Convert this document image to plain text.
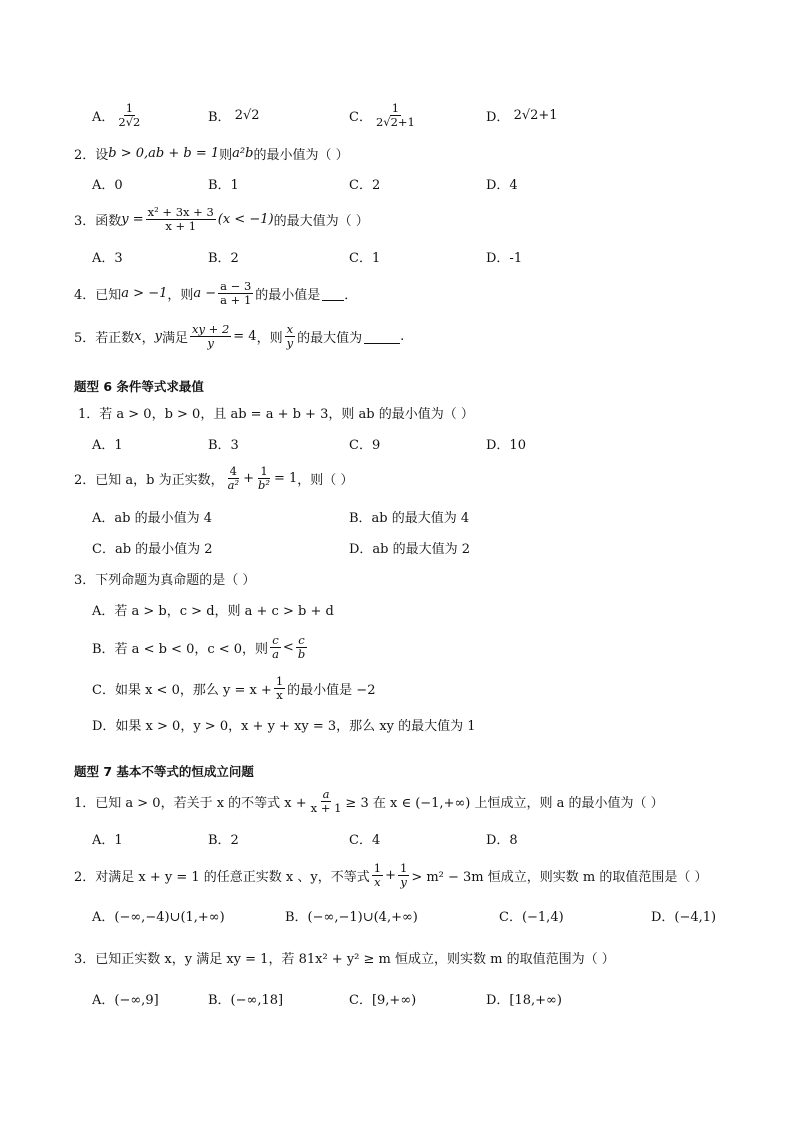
A． $\frac{1}{2√2}$	B．
2√2	C． $\frac{1}{2√2+1}$	D．
2√2+1
2．设 b > 0,ab + b = 1 则 a²b 的最小值为（ ）
A．0	B．1	C．2	D．4
3．函数 $y = \frac{\text{x² + 3x + 3}}{x + 1} (x < -1)$ 的最大值为（ ）
A．3	B．2	C．1	D．-1
4．已知 a > −1 ，则 $a - \frac{a - 3}{a + 1}$ 的最小值是 ．
5．若正数 x ， y 满足 $\frac{xy + 2}{y} = 4$ ，则 $\frac{x}{y}$ 的最大值为	.
题型 6 条件等式求最值
1．若 a > 0，b > 0，且 ab = a + b + 3，则 ab 的最小值为（ ）
A．1	B．3	C．9	D．10
2．已知 a，b 为正实数， $\frac{4}{\text{a²}} + \frac{1}{\text{b²}} = 1$ ，则（ ）
A．ab 的最小值为 4	B．ab 的最大值为 4
C．ab 的最小值为 2	D．ab 的最大值为 2
3．下列命题为真命题的是（ ）
A．若 a > b，c > d，则 a + c > b + d
B．若 a < b < 0，c < 0，则 $\frac{c}{a} < \frac{c}{b}$
C．如果 x < 0，那么 $y = x + \frac{1}{x}$ 的最小值是 −2
D．如果 x > 0，y > 0，x + y + xy = 3，那么 xy 的最大值为 1
题型 7 基本不等式的恒成立问题
1．已知 a > 0，若关于 x 的不等式 $x + \frac{a}{x + 1} \ge 3$ 在 x ∈ (−1,+∞) 上恒成立，则 a 的最小值为（ ）
A．1	B．2	C．4	D．8
2．对满足 x + y = 1 的任意正实数 x 、y，不等式 $\frac{1}{x} + \frac{1}{y} > m^2 - 3m$ 恒成立，则实数 m 的取值范围是（ ）
A．(−∞,−4)∪(1,+∞)	B．(−∞,−1)∪(4,+∞)	C．(−1,4)	D．(−4,1)
3．已知正实数 x，y 满足 xy = 1，若 81x² + y² ≥ m 恒成立，则实数 m 的取值范围为（ ）
A．(−∞,9]	B．(−∞,18]	C．[9,+∞)	D．[18,+∞)
